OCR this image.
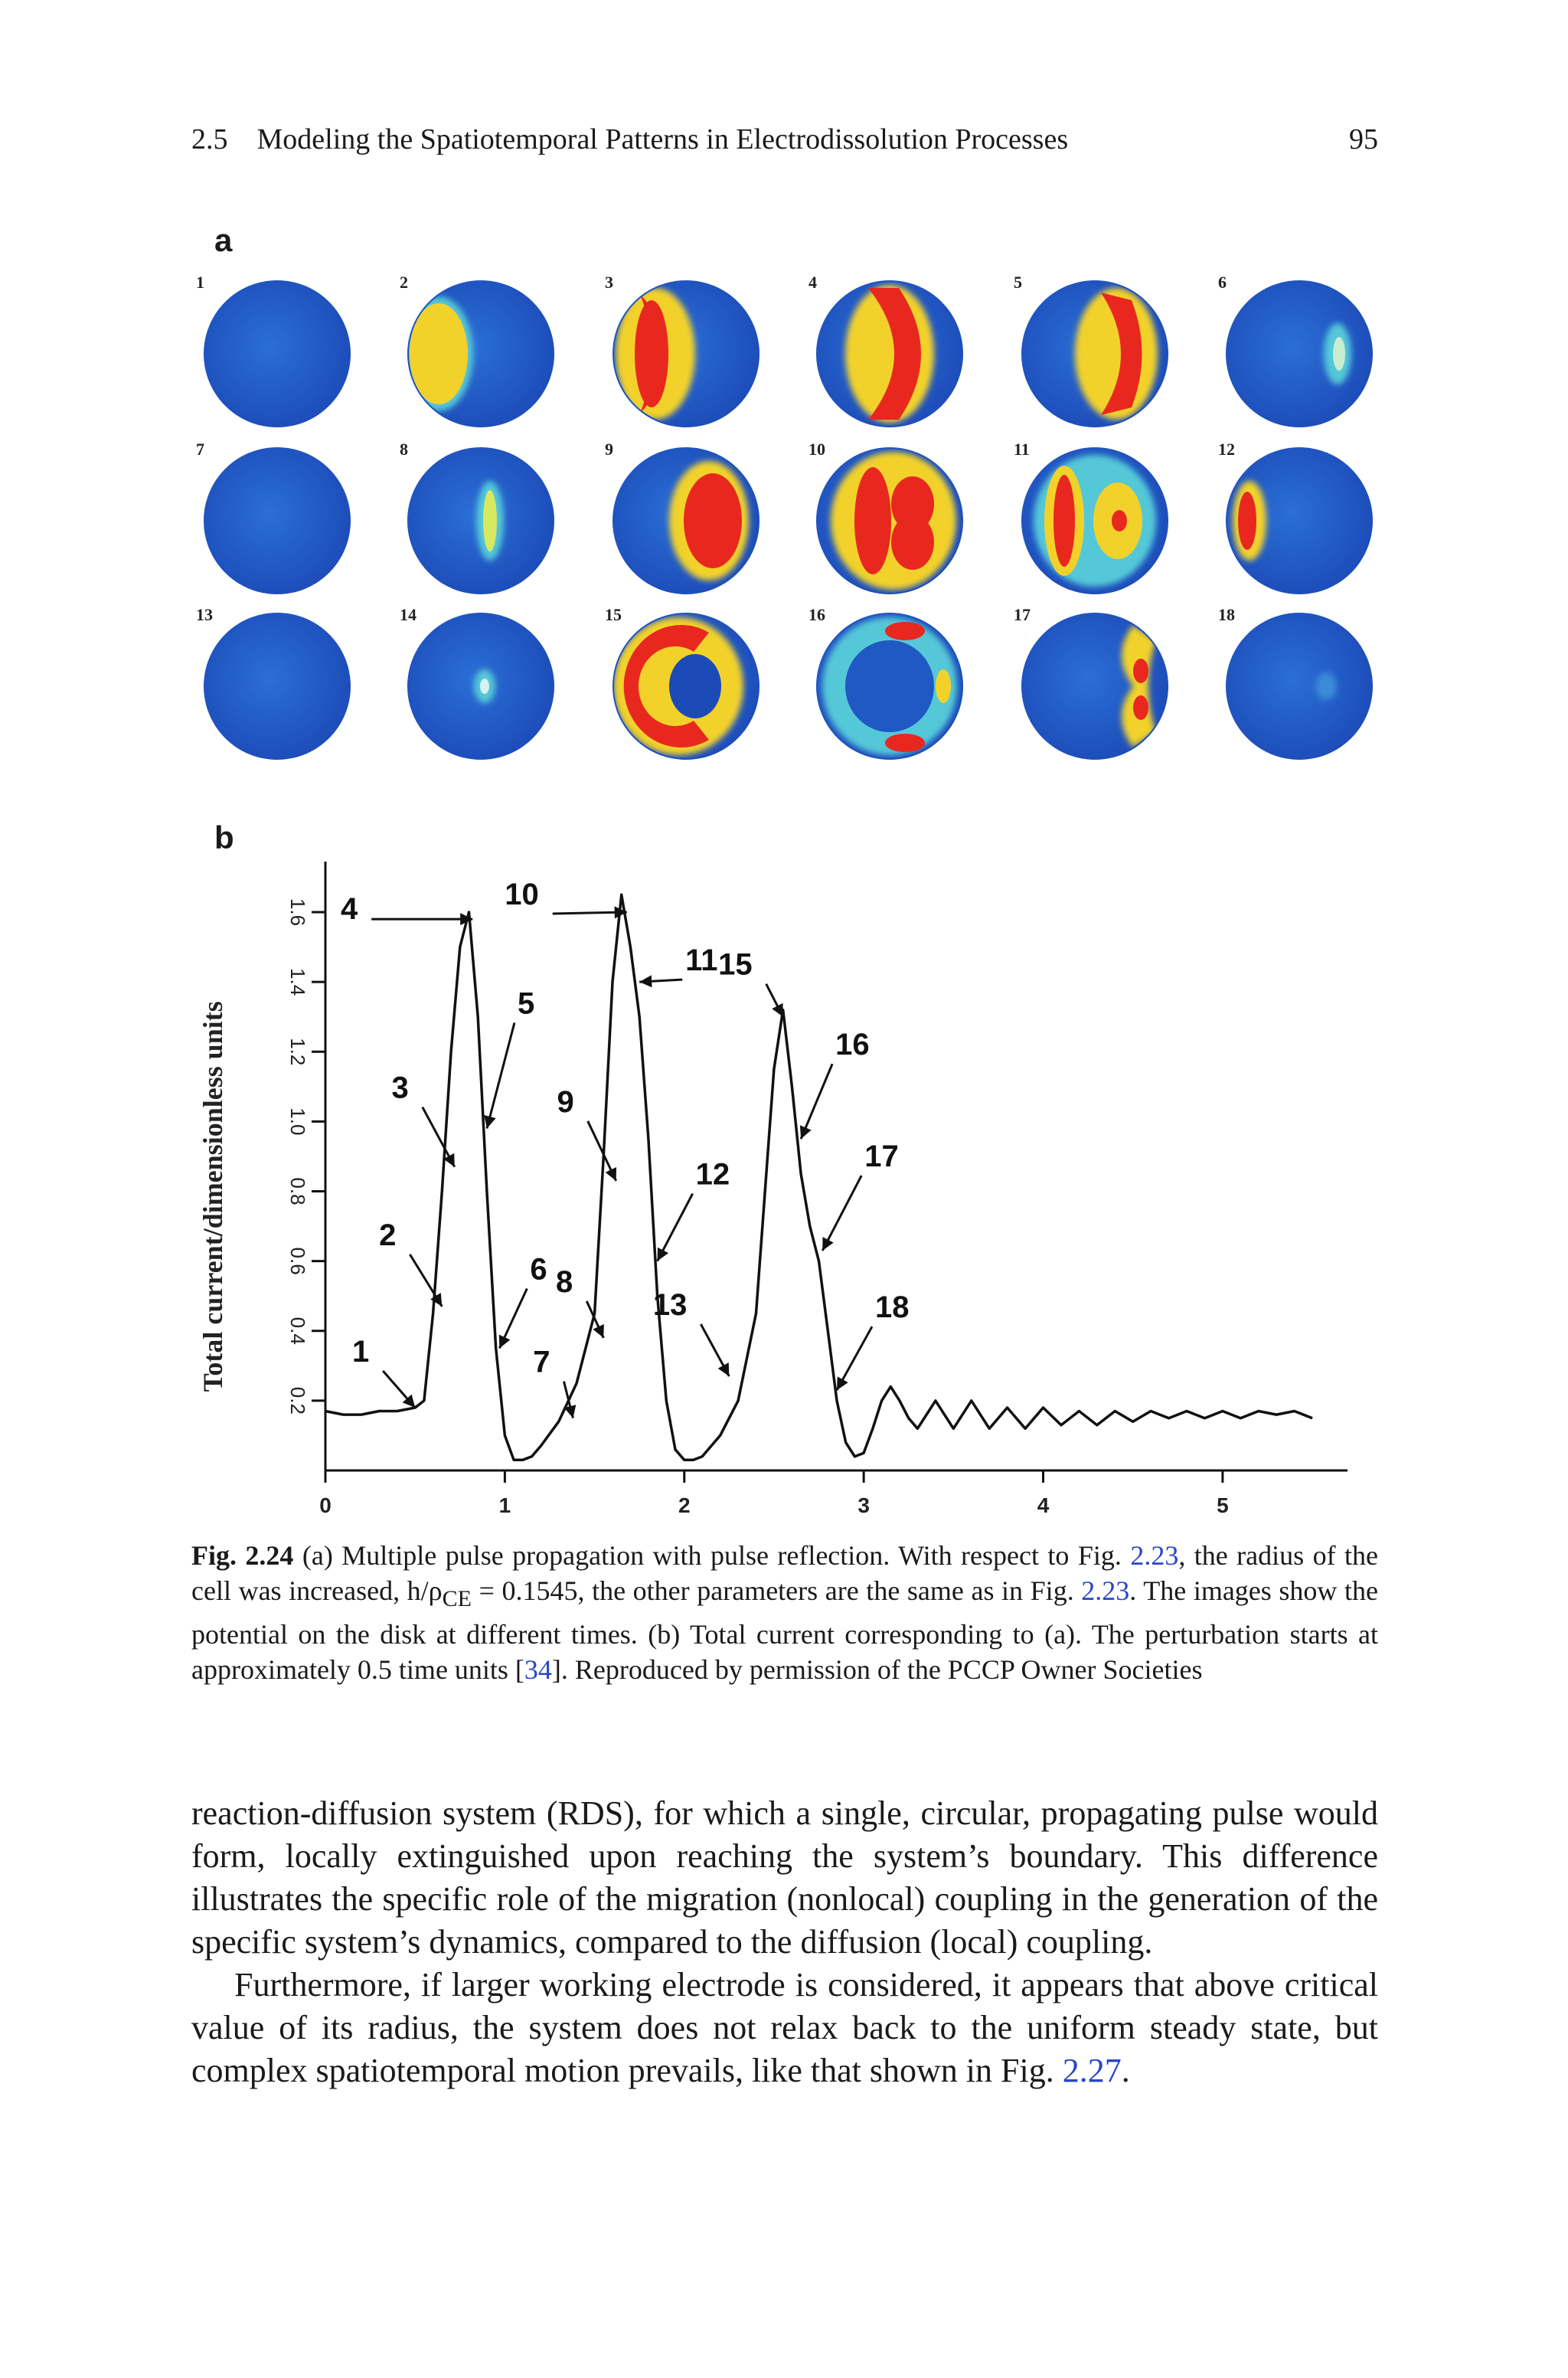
2.5 Modeling the Spatiotemporal Patterns in Electrodissolution Processes	95
a
1	2	3	4	5	6
7	8	9	10	11	12
13	14	15	16	17	18
b
0.2
0.4
0.6
0.8
1.0
1.2
1.4
1.6
0	1	2	3	4	5
Total current/dimensionless units	1
2
3
4
5
6
7
8
9
10
11
12
13
15
16
17
18
Fig. 2.24 (a) Multiple pulse propagation with pulse reflection. With respect to Fig. 2.23, the radius of the cell was increased, $h/\rho_{CE} = 0.1545$, the other parameters are the same as in Fig. 2.23. The images show the potential on the disk at different times. (b) Total current corresponding to (a). The perturbation starts at approximately 0.5 time units [34]. Reproduced by permission of the PCCP Owner Societies

reaction-diffusion system (RDS), for which a single, circular, propagating pulse would form, locally extinguished upon reaching the system’s boundary. This difference illustrates the specific role of the migration (nonlocal) coupling in the generation of the specific system’s dynamics, compared to the diffusion (local) coupling.

Furthermore, if larger working electrode is considered, it appears that above critical value of its radius, the system does not relax back to the uniform steady state, but complex spatiotemporal motion prevails, like that shown in Fig. 2.27.
